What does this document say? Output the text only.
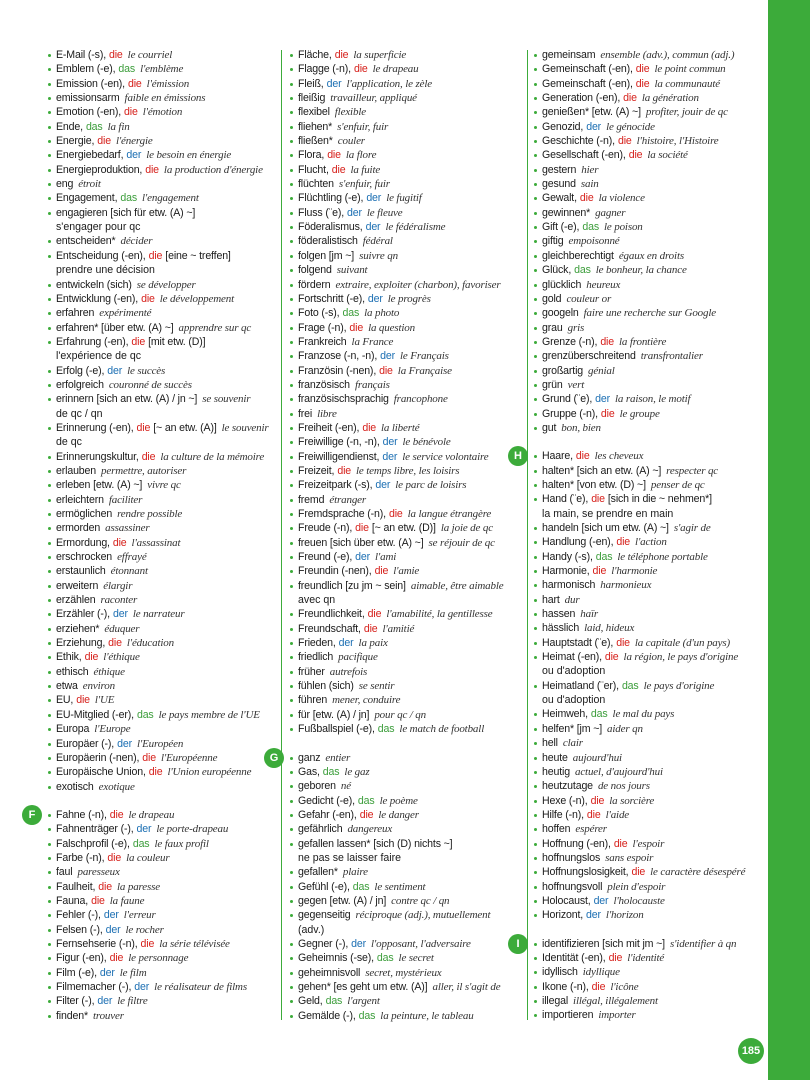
E-Mail (-s), die le courriel
Emblem (-e), das l'emblème
Emission (-en), die l'émission
emissionsarm faible en émissions
Emotion (-en), die l'émotion
Ende, das la fin
Energie, die l'énergie
Energiebedarf, der le besoin en énergie
Energieproduktion, die la production d'énergie
eng étroit
Engagement, das l'engagement
engagieren [sich für etw. (A) ~]
s'engager pour qc
entscheiden* décider
Entscheidung (-en), die [eine ~ treffen]
prendre une décision
entwickeln (sich) se développer
Entwicklung (-en), die le développement
erfahren expérimenté
erfahren* [über etw. (A) ~] apprendre sur qc
Erfahrung (-en), die [mit etw. (D)]
l'expérience de qc
Erfolg (-e), der le succès
erfolgreich couronné de succès
erinnern [sich an etw. (A) / jn ~] se souvenir
de qc / qn
Erinnerung (-en), die [~ an etw. (A)] le souvenir
de qc
Erinnerungskultur, die la culture de la mémoire
erlauben permettre, autoriser
erleben [etw. (A) ~] vivre qc
erleichtern faciliter
ermöglichen rendre possible
ermorden assassiner
Ermordung, die l'assassinat
erschrocken effrayé
erstaunlich étonnant
erweitern élargir
erzählen raconter
Erzähler (-), der le narrateur
erziehen* éduquer
Erziehung, die l'éducation
Ethik, die l'éthique
ethisch éthique
etwa environ
EU, die l'UE
EU-Mitglied (-er), das le pays membre de l'UE
Europa l'Europe
Europäer (-), der l'Européen
Europäerin (-nen), die l'Européenne
Europäische Union, die l'Union européenne
exotisch exotique
F	Fahne (-n), die le drapeau
Fahnenträger (-), der le porte-drapeau
Falschprofil (-e), das le faux profil
Farbe (-n), die la couleur
faul paresseux
Faulheit, die la paresse
Fauna, die la faune
Fehler (-), der l'erreur
Felsen (-), der le rocher
Fernsehserie (-n), die la série télévisée
Figur (-en), die le personnage
Film (-e), der le film
Filmemacher (-), der le réalisateur de films
Filter (-), der le filtre
finden* trouver
Fläche, die la superficie
Flagge (-n), die le drapeau
Fleiß, der l'application, le zèle
fleißig travailleur, appliqué
flexibel flexible
fliehen* s'enfuir, fuir
fließen* couler
Flora, die la flore
Flucht, die la fuite
flüchten s'enfuir, fuir
Flüchtling (-e), der le fugitif
Fluss (¨e), der le fleuve
Föderalismus, der le fédéralisme
föderalistisch fédéral
folgen [jm ~] suivre qn
folgend suivant
fördern extraire, exploiter (charbon), favoriser
Fortschritt (-e), der le progrès
Foto (-s), das la photo
Frage (-n), die la question
Frankreich la France
Franzose (-n, -n), der le Français
Französin (-nen), die la Française
französisch français
französischsprachig francophone
frei libre
Freiheit (-en), die la liberté
Freiwillige (-n, -n), der le bénévole
Freiwilligendienst, der le service volontaire
Freizeit, die le temps libre, les loisirs
Freizeitpark (-s), der le parc de loisirs
fremd étranger
Fremdsprache (-n), die la langue étrangère
Freude (-n), die [~ an etw. (D)] la joie de qc
freuen [sich über etw. (A) ~] se réjouir de qc
Freund (-e), der l'ami
Freundin (-nen), die l'amie
freundlich [zu jm ~ sein] aimable, être aimable
avec qn
Freundlichkeit, die l'amabilité, la gentillesse
Freundschaft, die l'amitié
Frieden, der la paix
friedlich pacifique
früher autrefois
fühlen (sich) se sentir
führen mener, conduire
für [etw. (A) / jn] pour qc / qn
Fußballspiel (-e), das le match de football
G	ganz entier
Gas, das le gaz
geboren né
Gedicht (-e), das le poème
Gefahr (-en), die le danger
gefährlich dangereux
gefallen lassen* [sich (D) nichts ~]
ne pas se laisser faire
gefallen* plaire
Gefühl (-e), das le sentiment
gegen [etw. (A) / jn] contre qc / qn
gegenseitig réciproque (adj.), mutuellement
(adv.)
Gegner (-), der l'opposant, l'adversaire
Geheimnis (-se), das le secret
geheimnisvoll secret, mystérieux
gehen* [es geht um etw. (A)] aller, il s'agit de
Geld, das l'argent
Gemälde (-), das la peinture, le tableau
gemeinsam ensemble (adv.), commun (adj.)
Gemeinschaft (-en), die le point commun
Gemeinschaft (-en), die la communauté
Generation (-en), die la génération
genießen* [etw. (A) ~] profiter, jouir de qc
Genozid, der le génocide
Geschichte (-n), die l'histoire, l'Histoire
Gesellschaft (-en), die la société
gestern hier
gesund sain
Gewalt, die la violence
gewinnen* gagner
Gift (-e), das le poison
giftig empoisonné
gleichberechtigt égaux en droits
Glück, das le bonheur, la chance
glücklich heureux
gold couleur or
googeln faire une recherche sur Google
grau gris
Grenze (-n), die la frontière
grenzüberschreitend transfrontalier
großartig génial
grün vert
Grund (¨e), der la raison, le motif
Gruppe (-n), die le groupe
gut bon, bien
H	Haare, die les cheveux
halten* [sich an etw. (A) ~] respecter qc
halten* [von etw. (D) ~] penser de qc
Hand (¨e), die [sich in die ~ nehmen*]
la main, se prendre en main
handeln [sich um etw. (A) ~] s'agir de
Handlung (-en), die l'action
Handy (-s), das le téléphone portable
Harmonie, die l'harmonie
harmonisch harmonieux
hart dur
hassen haïr
hässlich laid, hideux
Hauptstadt (¨e), die la capitale (d'un pays)
Heimat (-en), die la région, le pays d'origine
ou d'adoption
Heimatland (¨er), das le pays d'origine
ou d'adoption
Heimweh, das le mal du pays
helfen* [jm ~] aider qn
hell clair
heute aujourd'hui
heutig actuel, d'aujourd'hui
heutzutage de nos jours
Hexe (-n), die la sorcière
Hilfe (-n), die l'aide
hoffen espérer
Hoffnung (-en), die l'espoir
hoffnungslos sans espoir
Hoffnungslosigkeit, die le caractère désespéré
hoffnungsvoll plein d'espoir
Holocaust, der l'holocauste
Horizont, der l'horizon
I	identifizieren [sich mit jm ~] s'identifier à qn
Identität (-en), die l'identité
idyllisch idyllique
Ikone (-n), die l'icône
illegal illégal, illégalement
importieren importer
185
